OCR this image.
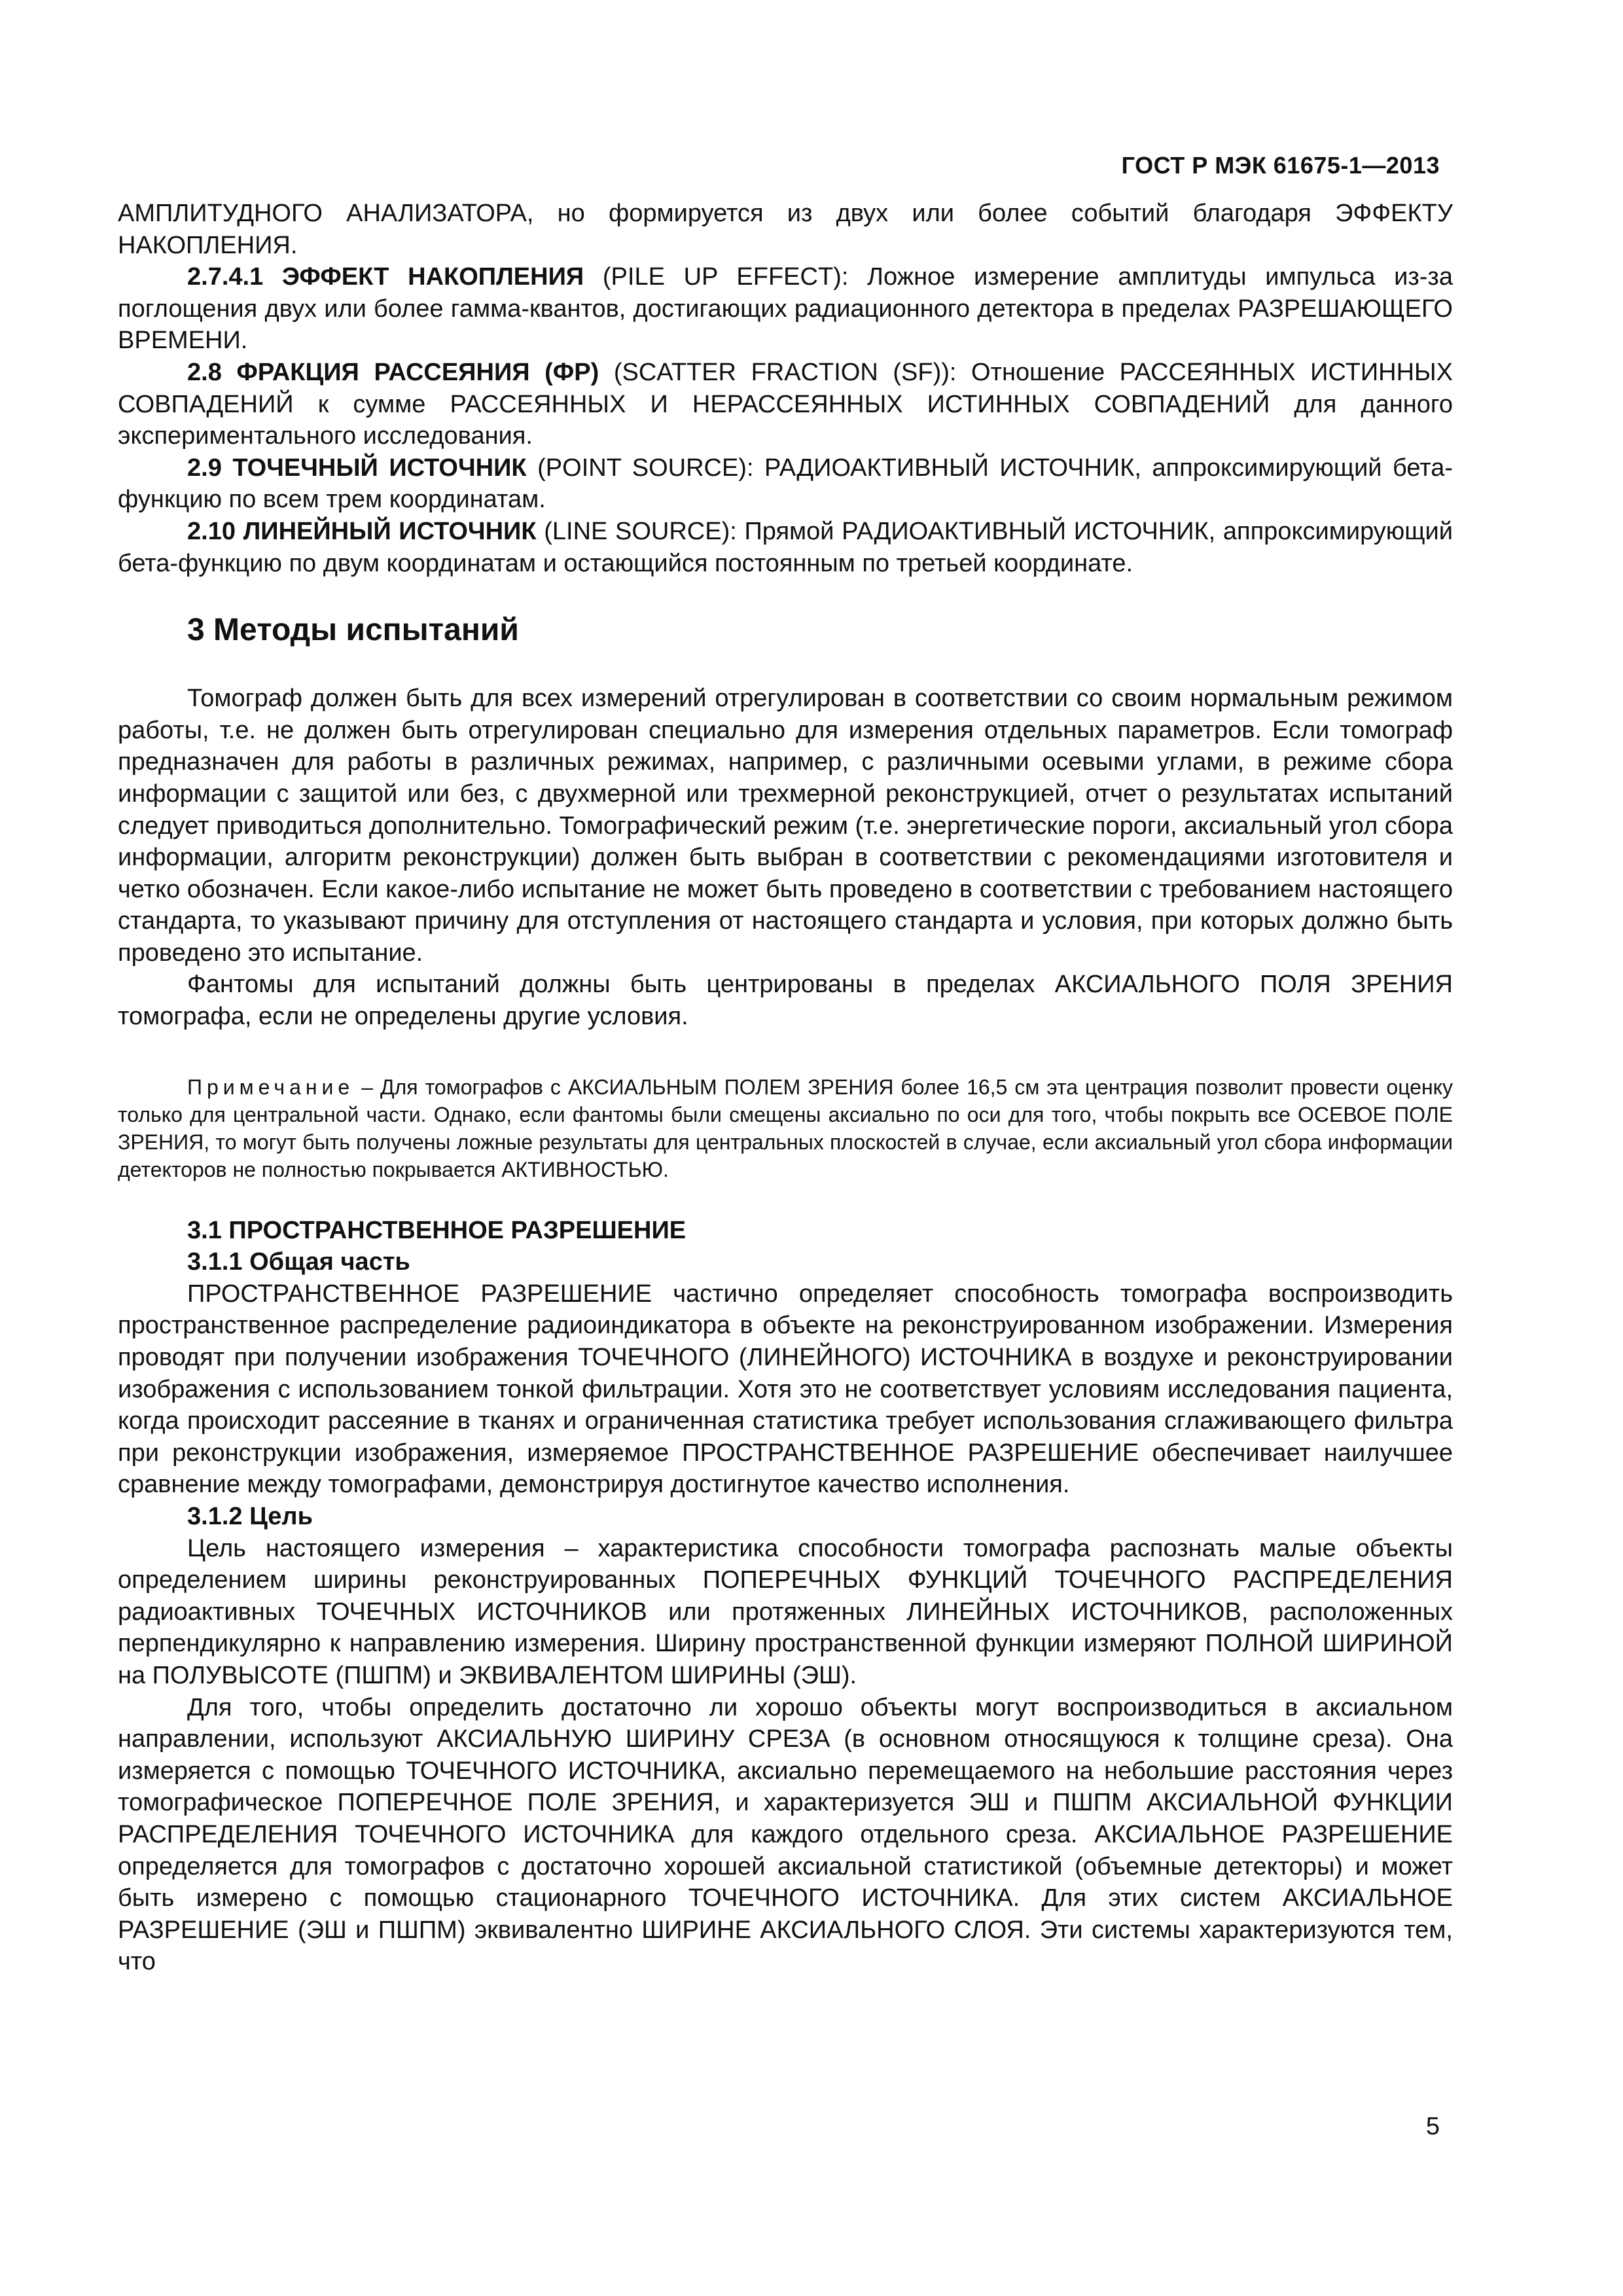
ГОСТ Р МЭК 61675-1—2013

АМПЛИТУДНОГО АНАЛИЗАТОРА, но формируется из двух или более событий благодаря ЭФФЕКТУ НАКОПЛЕНИЯ.

2.7.4.1 ЭФФЕКТ НАКОПЛЕНИЯ (PILE UP EFFECT): Ложное измерение амплитуды импульса из-за поглощения двух или более гамма-квантов, достигающих радиационного детектора в пределах РАЗРЕШАЮЩЕГО ВРЕМЕНИ.

2.8 ФРАКЦИЯ РАССЕЯНИЯ (ФР) (SCATTER FRACTION (SF)): Отношение РАССЕЯННЫХ ИСТИННЫХ СОВПАДЕНИЙ к сумме РАССЕЯННЫХ И НЕРАССЕЯННЫХ ИСТИННЫХ СОВПАДЕНИЙ для данного экспериментального исследования.

2.9 ТОЧЕЧНЫЙ ИСТОЧНИК (POINT SOURCE): РАДИОАКТИВНЫЙ ИСТОЧНИК, аппроксимирующий бета-функцию по всем трем координатам.

2.10 ЛИНЕЙНЫЙ ИСТОЧНИК (LINE SOURCE): Прямой РАДИОАКТИВНЫЙ ИСТОЧНИК, аппроксимирующий бета-функцию по двум координатам и остающийся постоянным по третьей координате.

3 Методы испытаний

Томограф должен быть для всех измерений отрегулирован в соответствии со своим нормальным режимом работы, т.е. не должен быть отрегулирован специально для измерения отдельных параметров. Если томограф предназначен для работы в различных режимах, например, с различными осевыми углами, в режиме сбора информации с защитой или без, с двухмерной или трехмерной реконструкцией, отчет о результатах испытаний следует приводиться дополнительно. Томографический режим (т.е. энергетические пороги, аксиальный угол сбора информации, алгоритм реконструкции) должен быть выбран в соответствии с рекомендациями изготовителя и четко обозначен. Если какое-либо испытание не может быть проведено в соответствии с требованием настоящего стандарта, то указывают причину для отступления от настоящего стандарта и условия, при которых должно быть проведено это испытание.

Фантомы для испытаний должны быть центрированы в пределах АКСИАЛЬНОГО ПОЛЯ ЗРЕНИЯ томографа, если не определены другие условия.

Примечание – Для томографов с АКСИАЛЬНЫМ ПОЛЕМ ЗРЕНИЯ более 16,5 см эта центрация позволит провести оценку только для центральной части. Однако, если фантомы были смещены аксиально по оси для того, чтобы покрыть все ОСЕВОЕ ПОЛЕ ЗРЕНИЯ, то могут быть получены ложные результаты для центральных плоскостей в случае, если аксиальный угол сбора информации детекторов не полностью покрывается АКТИВНОСТЬЮ.

3.1 ПРОСТРАНСТВЕННОЕ РАЗРЕШЕНИЕ

3.1.1 Общая часть

ПРОСТРАНСТВЕННОЕ РАЗРЕШЕНИЕ частично определяет способность томографа воспроизводить пространственное распределение радиоиндикатора в объекте на реконструированном изображении. Измерения проводят при получении изображения ТОЧЕЧНОГО (ЛИНЕЙНОГО) ИСТОЧНИКА в воздухе и реконструировании изображения с использованием тонкой фильтрации. Хотя это не соответствует условиям исследования пациента, когда происходит рассеяние в тканях и ограниченная статистика требует использования сглаживающего фильтра при реконструкции изображения, измеряемое ПРОСТРАНСТВЕННОЕ РАЗРЕШЕНИЕ обеспечивает наилучшее сравнение между томографами, демонстрируя достигнутое качество исполнения.

3.1.2 Цель

Цель настоящего измерения – характеристика способности томографа распознать малые объекты определением ширины реконструированных ПОПЕРЕЧНЫХ ФУНКЦИЙ ТОЧЕЧНОГО РАСПРЕДЕЛЕНИЯ радиоактивных ТОЧЕЧНЫХ ИСТОЧНИКОВ или протяженных ЛИНЕЙНЫХ ИСТОЧНИКОВ, расположенных перпендикулярно к направлению измерения. Ширину пространственной функции измеряют ПОЛНОЙ ШИРИНОЙ на ПОЛУВЫСОТЕ (ПШПМ) и ЭКВИВАЛЕНТОМ ШИРИНЫ (ЭШ).

Для того, чтобы определить достаточно ли хорошо объекты могут воспроизводиться в аксиальном направлении, используют АКСИАЛЬНУЮ ШИРИНУ СРЕЗА (в основном относящуюся к толщине среза). Она измеряется с помощью ТОЧЕЧНОГО ИСТОЧНИКА, аксиально перемещаемого на небольшие расстояния через томографическое ПОПЕРЕЧНОЕ ПОЛЕ ЗРЕНИЯ, и характеризуется ЭШ и ПШПМ АКСИАЛЬНОЙ ФУНКЦИИ РАСПРЕДЕЛЕНИЯ ТОЧЕЧНОГО ИСТОЧНИКА для каждого отдельного среза. АКСИАЛЬНОЕ РАЗРЕШЕНИЕ определяется для томографов с достаточно хорошей аксиальной статистикой (объемные детекторы) и может быть измерено с помощью стационарного ТОЧЕЧНОГО ИСТОЧНИКА. Для этих систем АКСИАЛЬНОЕ РАЗРЕШЕНИЕ (ЭШ и ПШПМ) эквивалентно ШИРИНЕ АКСИАЛЬНОГО СЛОЯ. Эти системы характеризуются тем, что

5
